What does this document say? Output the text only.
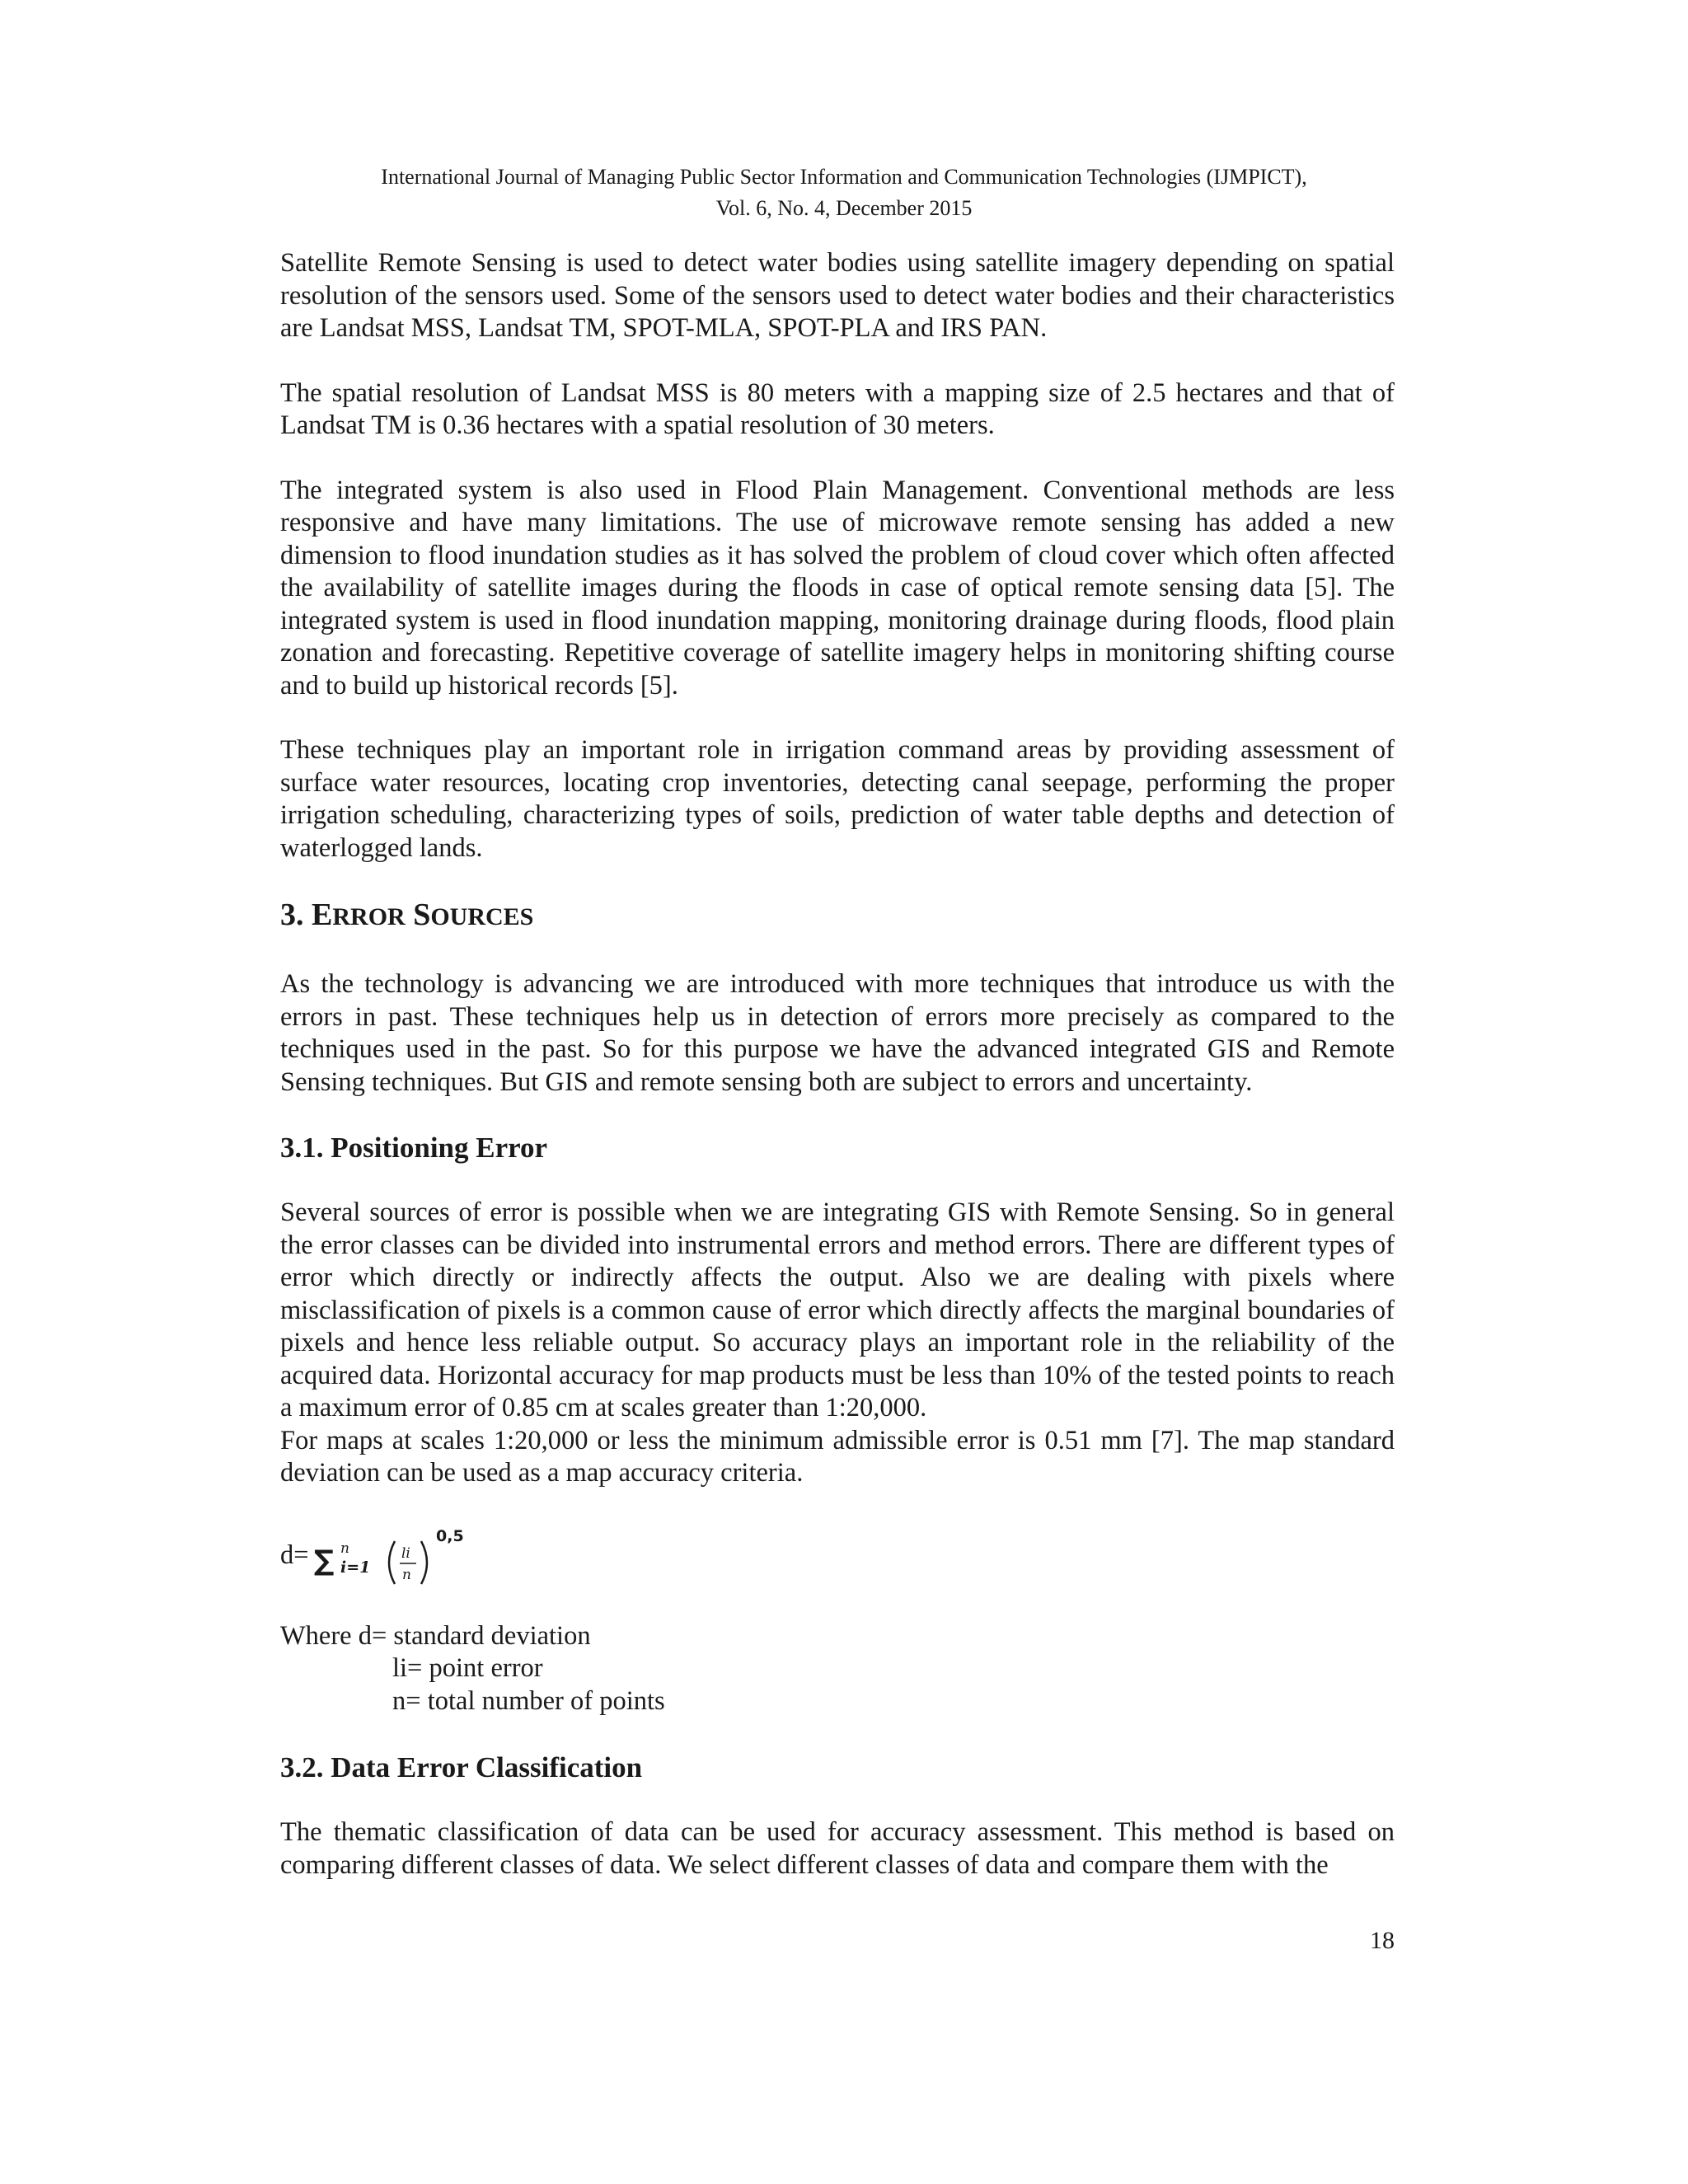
International Journal of Managing Public Sector Information and Communication Technologies (IJMPICT),
Vol. 6, No. 4, December 2015

Satellite Remote Sensing is used to detect water bodies using satellite imagery depending on spatial resolution of the sensors used. Some of the sensors used to detect water bodies and their characteristics are Landsat MSS, Landsat TM, SPOT-MLA, SPOT-PLA and IRS PAN.

The spatial resolution of Landsat MSS is 80 meters with a mapping size of 2.5 hectares and that of Landsat TM is 0.36 hectares with a spatial resolution of 30 meters.

The integrated system is also used in Flood Plain Management. Conventional methods are less responsive and have many limitations. The use of microwave remote sensing has added a new dimension to flood inundation studies as it has solved the problem of cloud cover which often affected the availability of satellite images during the floods in case of optical remote sensing data [5]. The integrated system is used in flood inundation mapping, monitoring drainage during floods, flood plain zonation and forecasting. Repetitive coverage of satellite imagery helps in monitoring shifting course and to build up historical records [5].

These techniques play an important role in irrigation command areas by providing assessment of surface water resources, locating crop inventories, detecting canal seepage, performing the proper irrigation scheduling, characterizing types of soils, prediction of water table depths and detection of waterlogged lands.

3. ERROR SOURCES

As the technology is advancing we are introduced with more techniques that introduce us with the errors in past. These techniques help us in detection of errors more precisely as compared to the techniques used in the past. So for this purpose we have the advanced integrated GIS and Remote Sensing techniques. But GIS and remote sensing both are subject to errors and uncertainty.

3.1. Positioning Error

Several sources of error is possible when we are integrating GIS with Remote Sensing. So in general the error classes can be divided into instrumental errors and method errors. There are different types of error which directly or indirectly affects the output. Also we are dealing with pixels where misclassification of pixels is a common cause of error which directly affects the marginal boundaries of pixels and hence less reliable output. So accuracy plays an important role in the reliability of the acquired data. Horizontal accuracy for map products must be less than 10% of the tested points to reach a maximum error of 0.85 cm at scales greater than 1:20,000.

For maps at scales 1:20,000 or less the minimum admissible error is 0.51 mm [7]. The map standard deviation can be used as a map accuracy criteria.

d= ∑ n
i=1
li
n
0,5
Where d= standard deviation
li= point error
n= total number of points
3.2. Data Error Classification

The thematic classification of data can be used for accuracy assessment. This method is based on comparing different classes of data. We select different classes of data and compare them with the

18
